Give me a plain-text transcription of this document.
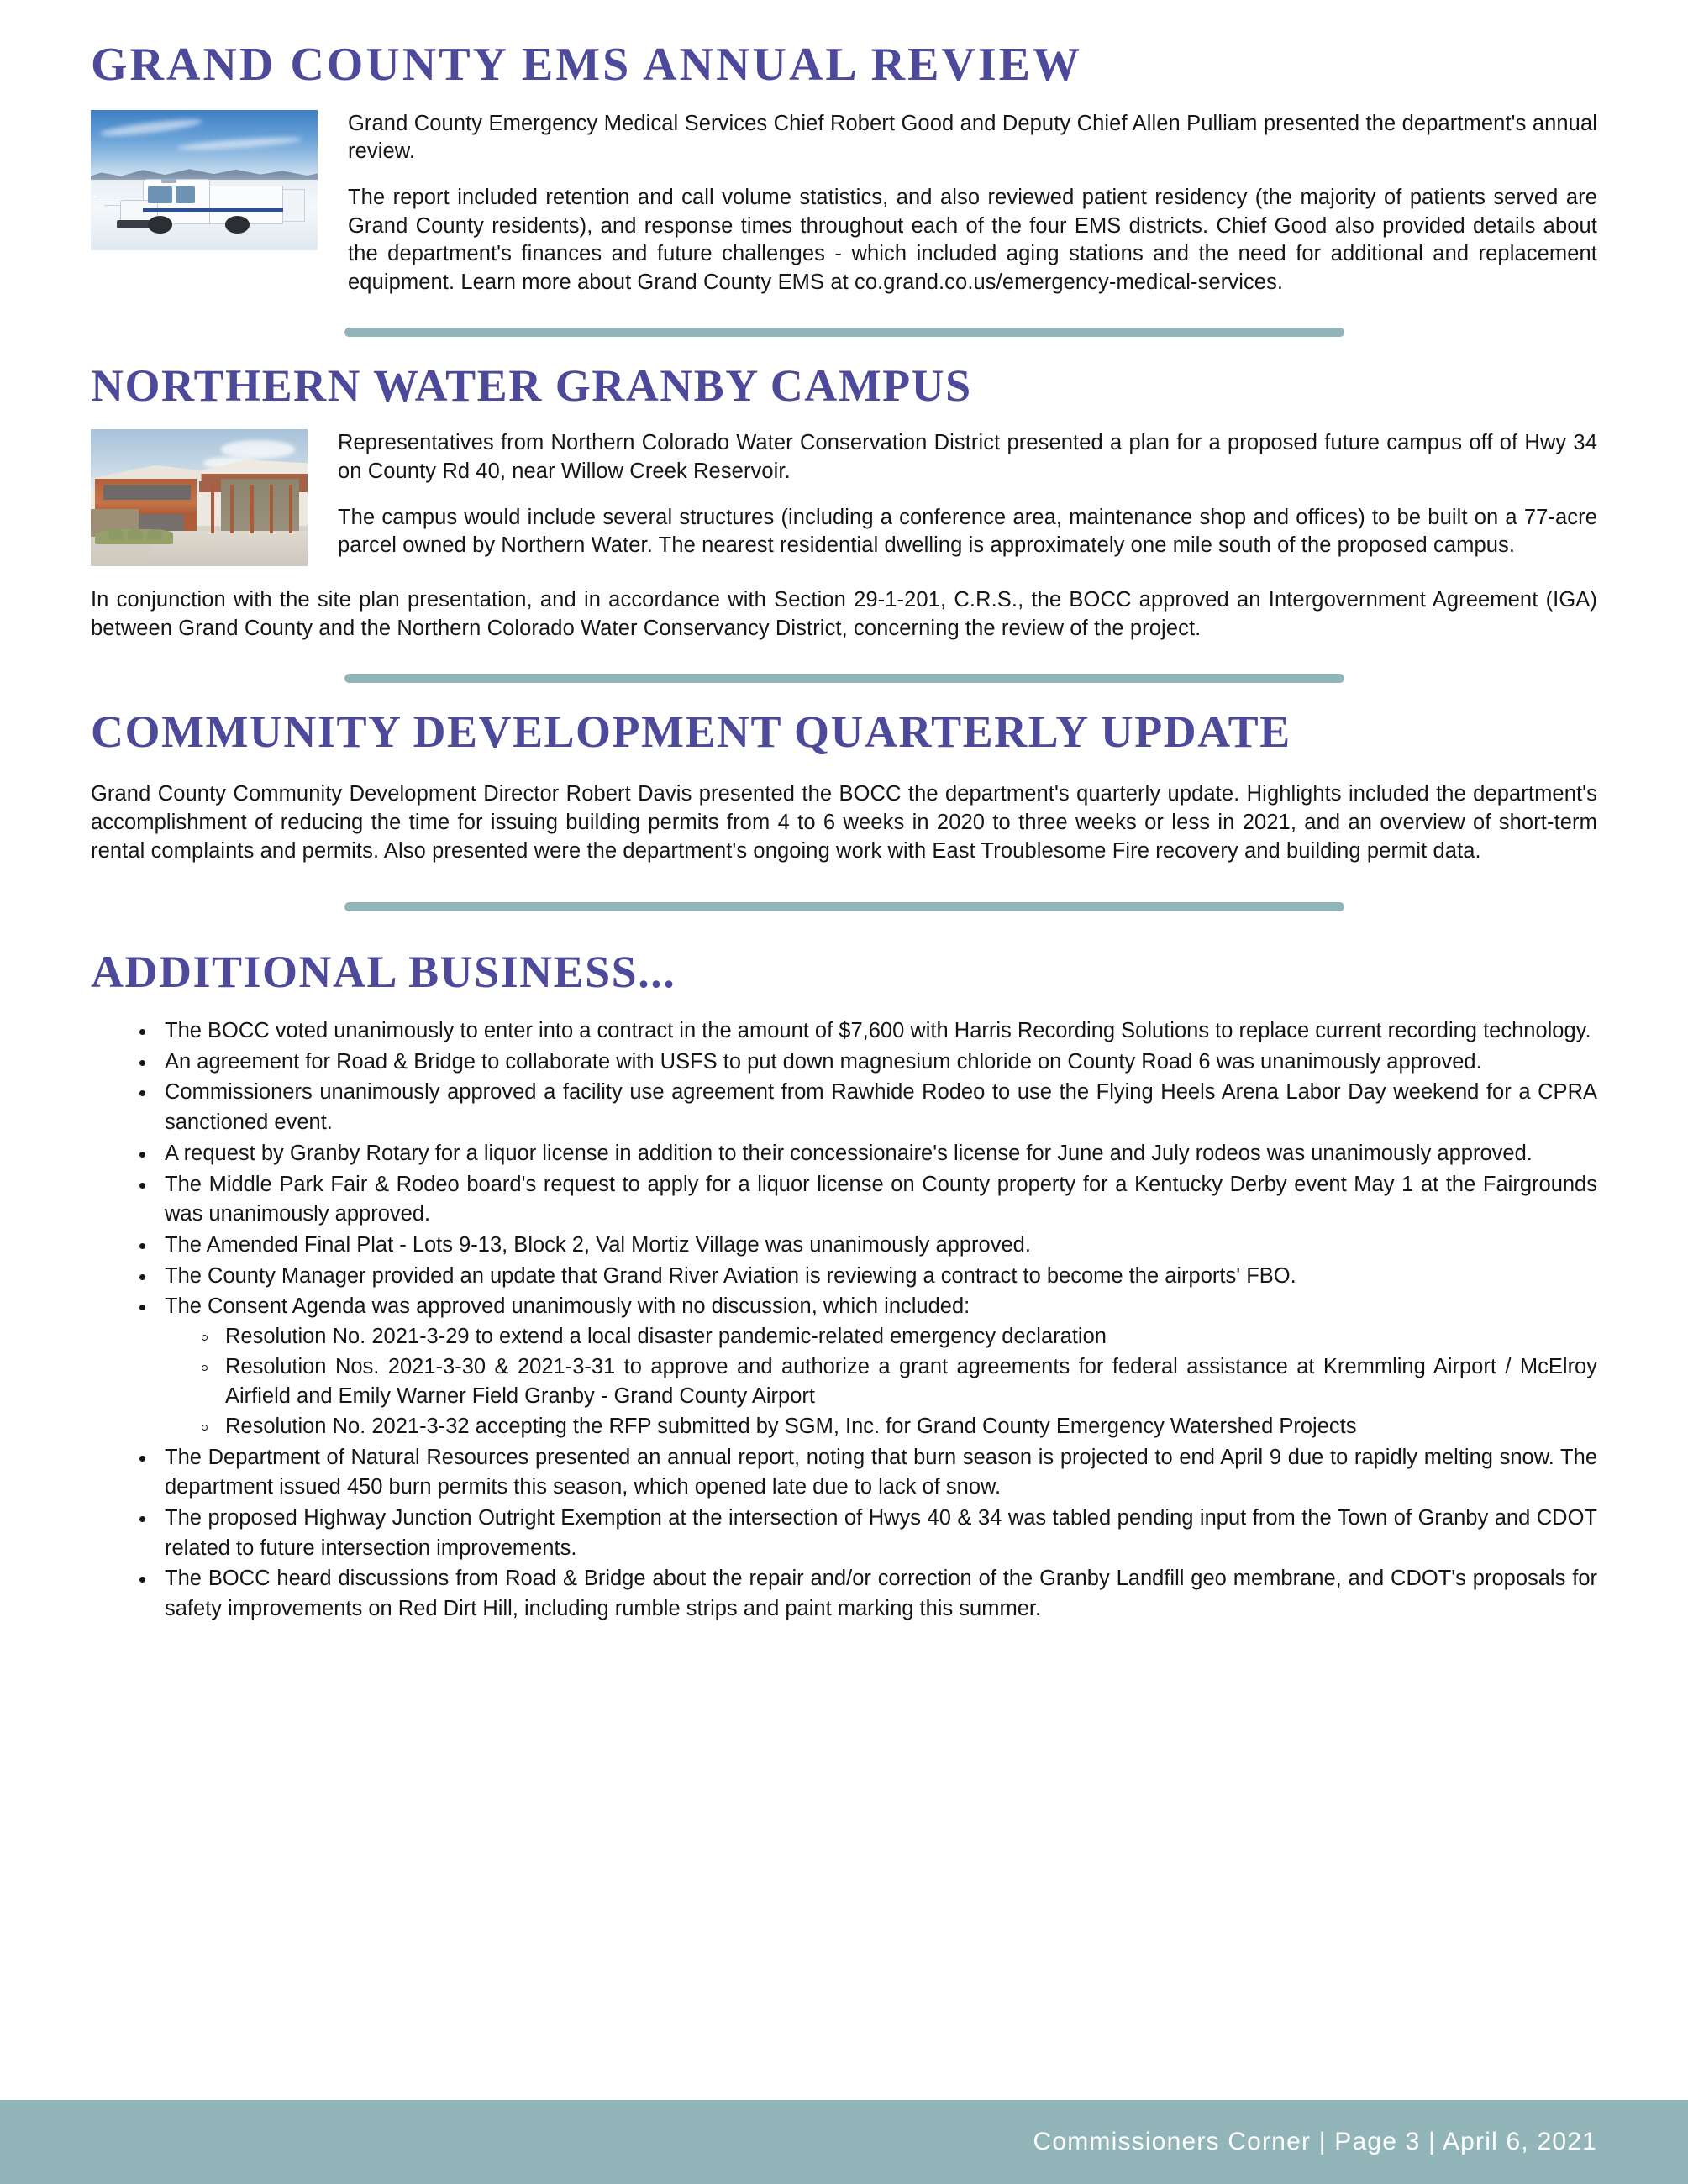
GRAND COUNTY EMS ANNUAL REVIEW

Grand County Emergency Medical Services Chief Robert Good and Deputy Chief Allen Pulliam presented the department's annual review.

The report included retention and call volume statistics, and also reviewed patient residency (the majority of patients served are Grand County residents), and response times throughout each of the four EMS districts. Chief Good also provided details about the department's finances and future challenges - which included aging stations and the need for additional and replacement equipment. Learn more about Grand County EMS at co.grand.co.us/emergency-medical-services.

NORTHERN WATER GRANBY CAMPUS

Representatives from Northern Colorado Water Conservation District presented a plan for a proposed future campus off of Hwy 34 on County Rd 40, near Willow Creek Reservoir.

The campus would include several structures (including a conference area, maintenance shop and offices) to be built on a 77-acre parcel owned by Northern Water. The nearest residential dwelling is approximately one mile south of the proposed campus.

In conjunction with the site plan presentation, and in accordance with Section 29-1-201, C.R.S., the BOCC approved an Intergovernment Agreement (IGA) between Grand County and the Northern Colorado Water Conservancy District, concerning the review of the project.

COMMUNITY DEVELOPMENT QUARTERLY UPDATE

Grand County Community Development Director Robert Davis presented the BOCC the department's quarterly update. Highlights included the department's accomplishment of reducing the time for issuing building permits from 4 to 6 weeks in 2020 to three weeks or less in 2021, and an overview of short-term rental complaints and permits. Also presented were the department's ongoing work with East Troublesome Fire recovery and building permit data.

ADDITIONAL BUSINESS...
The BOCC voted unanimously to enter into a contract in the amount of $7,600 with Harris Recording Solutions to replace current recording technology.
An agreement for Road & Bridge to collaborate with USFS to put down magnesium chloride on County Road 6 was unanimously approved.
Commissioners unanimously approved a facility use agreement from Rawhide Rodeo to use the Flying Heels Arena Labor Day weekend for a CPRA sanctioned event.
A request by Granby Rotary for a liquor license in addition to their concessionaire's license for June and July rodeos was unanimously approved.
The Middle Park Fair & Rodeo board's request to apply for a liquor license on County property for a Kentucky Derby event May 1 at the Fairgrounds was unanimously approved.
The Amended Final Plat - Lots 9-13, Block 2, Val Mortiz Village was unanimously approved.
The County Manager provided an update that Grand River Aviation is reviewing a contract to become the airports' FBO.
The Consent Agenda was approved unanimously with no discussion, which included:
Resolution No. 2021-3-29 to extend a local disaster pandemic-related emergency declaration
Resolution Nos. 2021-3-30 & 2021-3-31 to approve and authorize a grant agreements for federal assistance at Kremmling Airport / McElroy Airfield and Emily Warner Field Granby - Grand County Airport
Resolution No. 2021-3-32 accepting the RFP submitted by SGM, Inc. for Grand County Emergency Watershed Projects
The Department of Natural Resources presented an annual report, noting that burn season is projected to end April 9 due to rapidly melting snow. The department issued 450 burn permits this season, which opened late due to lack of snow.
The proposed Highway Junction Outright Exemption at the intersection of Hwys 40 & 34 was tabled pending input from the Town of Granby and CDOT related to future intersection improvements.
The BOCC heard discussions from Road & Bridge about the repair and/or correction of the Granby Landfill geo membrane, and CDOT's proposals for safety improvements on Red Dirt Hill, including rumble strips and paint marking this summer.
Commissioners Corner | Page 3 | April 6, 2021
